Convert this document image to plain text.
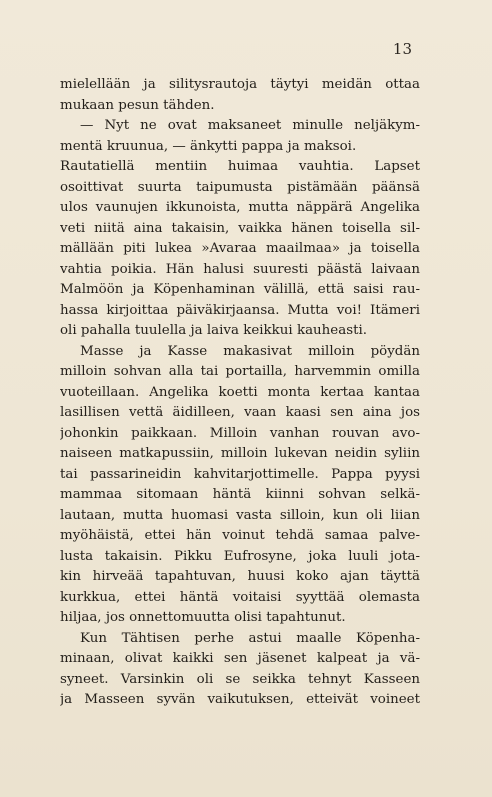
13
mielellään ja silitysrautoja täytyi meidän ottaa
mukaan pesun tähden.
— Nyt ne ovat maksaneet minulle neljäkym-
mentä kruunua, — änkytti pappa ja maksoi.
Rautatiellä mentiin huimaa vauhtia. Lapset
osoittivat suurta taipumusta pistämään päänsä
ulos vaunujen ikkunoista, mutta näppärä Angelika
veti niitä aina takaisin, vaikka hänen toisella sil-
mällään piti lukea »Avaraa maailmaa» ja toisella
vahtia poikia. Hän halusi suuresti päästä laivaan
Malmöön ja Köpenhaminan välillä, että saisi rau-
hassa kirjoittaa päiväkirjaansa. Mutta voi! Itämeri
oli pahalla tuulella ja laiva keikkui kauheasti.
Masse ja Kasse makasivat milloin pöydän
milloin sohvan alla tai portailla, harvemmin omilla
vuoteillaan. Angelika koetti monta kertaa kantaa
lasillisen vettä äidilleen, vaan kaasi sen aina jos
johonkin paikkaan. Milloin vanhan rouvan avo-
naiseen matkapussiin, milloin lukevan neidin syliin
tai passarineidin kahvitarjottimelle. Pappa pyysi
mammaa sitomaan häntä kiinni sohvan selkä-
lautaan, mutta huomasi vasta silloin, kun oli liian
myöhäistä, ettei hän voinut tehdä samaa palve-
lusta takaisin. Pikku Eufrosyne, joka luuli jota-
kin hirveää tapahtuvan, huusi koko ajan täyttä
kurkkua, ettei häntä voitaisi syyttää olemasta
hiljaa, jos onnettomuutta olisi tapahtunut.
Kun Tähtisen perhe astui maalle Köpenha-
minaan, olivat kaikki sen jäsenet kalpeat ja vä-
syneet. Varsinkin oli se seikka tehnyt Kasseen
ja Masseen syvän vaikutuksen, etteivät voineet
